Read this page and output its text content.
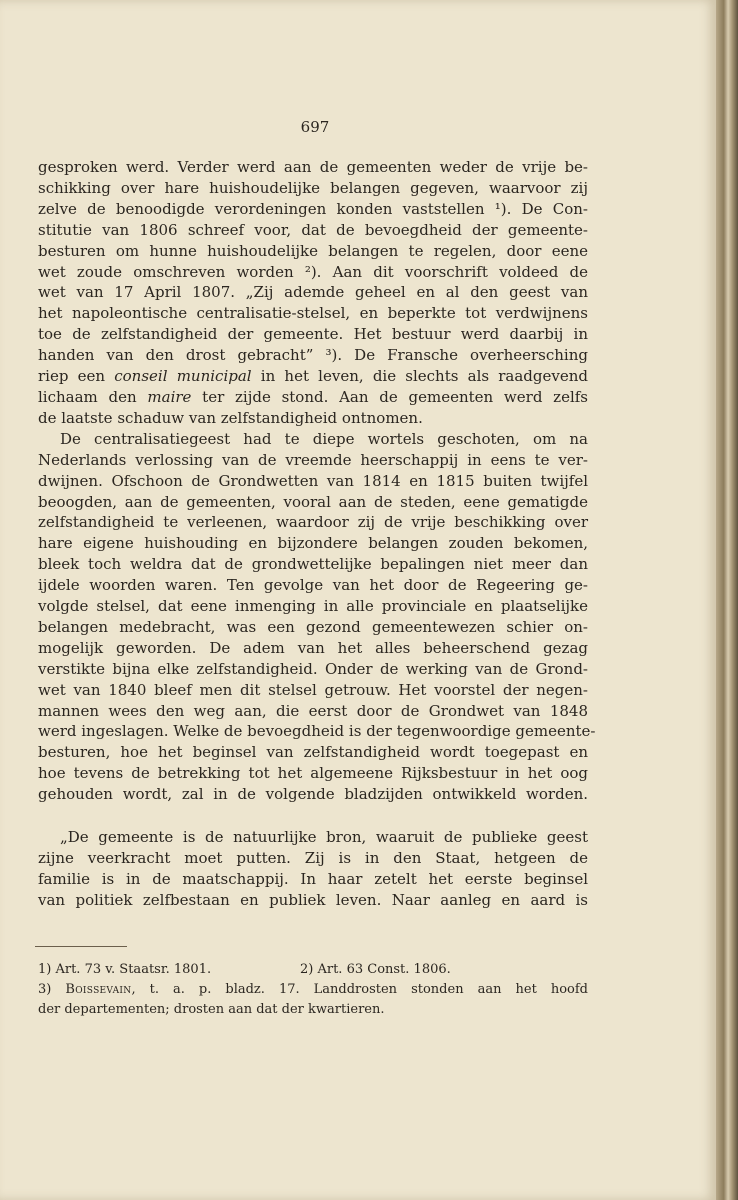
697
gesproken werd. Verder werd aan de gemeenten weder de vrije be-
schikking over hare huishoudelijke belangen gegeven, waarvoor zij
zelve de benoodigde verordeningen konden vaststellen ¹). De Con-
stitutie van 1806 schreef voor, dat de bevoegdheid der gemeente-
besturen om hunne huishoudelijke belangen te regelen, door eene
wet zoude omschreven worden ²). Aan dit voorschrift voldeed de
wet van 17 April 1807. „Zij ademde geheel en al den geest van
het napoleontische centralisatie-stelsel, en beperkte tot verdwijnens
toe de zelfstandigheid der gemeente. Het bestuur werd daarbij in
handen van den drost gebracht” ³). De Fransche overheersching
riep een conseil municipal in het leven, die slechts als raadgevend
lichaam den maire ter zijde stond. Aan de gemeenten werd zelfs
de laatste schaduw van zelfstandigheid ontnomen.
De centralisatiegeest had te diepe wortels geschoten, om na
Nederlands verlossing van de vreemde heerschappij in eens te ver-
dwijnen. Ofschoon de Grondwetten van 1814 en 1815 buiten twijfel
beoogden, aan de gemeenten, vooral aan de steden, eene gematigde
zelfstandigheid te verleenen, waardoor zij de vrije beschikking over
hare eigene huishouding en bijzondere belangen zouden bekomen,
bleek toch weldra dat de grondwettelijke bepalingen niet meer dan
ijdele woorden waren. Ten gevolge van het door de Regeering ge-
volgde stelsel, dat eene inmenging in alle provinciale en plaatselijke
belangen medebracht, was een gezond gemeentewezen schier on-
mogelijk geworden. De adem van het alles beheerschend gezag
verstikte bijna elke zelfstandigheid. Onder de werking van de Grond-
wet van 1840 bleef men dit stelsel getrouw. Het voorstel der negen-
mannen wees den weg aan, die eerst door de Grondwet van 1848
werd ingeslagen. Welke de bevoegdheid is der tegenwoordige gemeente-
besturen, hoe het beginsel van zelfstandigheid wordt toegepast en
hoe tevens de betrekking tot het algemeene Rijksbestuur in het oog
gehouden wordt, zal in de volgende bladzijden ontwikkeld worden.
„De gemeente is de natuurlijke bron, waaruit de publieke geest
zijne veerkracht moet putten. Zij is in den Staat, hetgeen de
familie is in de maatschappij. In haar zetelt het eerste beginsel
van politiek zelfbestaan en publiek leven. Naar aanleg en aard is
1) Art. 73 v. Staatsr. 1801.	2) Art. 63 Const. 1806.
3) Boissevain, t. a. p. bladz. 17. Landdrosten stonden aan het hoofd
der departementen; drosten aan dat der kwartieren.
